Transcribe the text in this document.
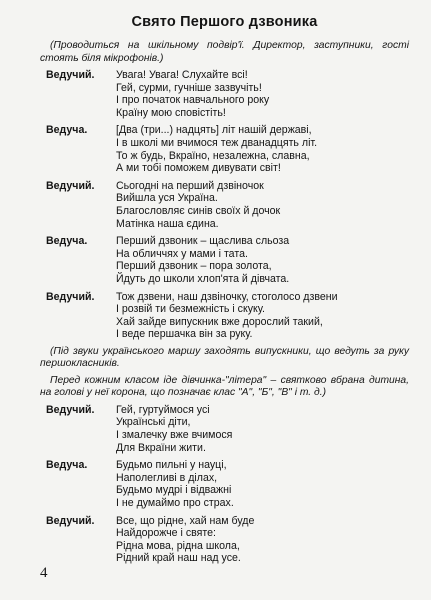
Свято Першого дзвоника
(Проводиться на шкільному подвір'ї. Директор, заступники, гості стоять біля мікрофонів.)
Ведучий.	Увага! Увага! Слухайте всі!
Гей, сурми, гучніше зазвучіть!
І про початок навчального року
Країну мою сповістіть!
Ведуча.	[Два (три...) надцять] літ нашій державі,
І в школі ми вчимося теж дванадцять літ.
То ж будь, Вкраїно, незалежна, славна,
А ми тобі поможем дивувати світ!
Ведучий.	Сьогодні на перший дзвіночок
Вийшла уся Україна.
Благословляє синів своїх й дочок
Матінка наша єдина.
Ведуча.	Перший дзвоник – щаслива сльоза
На обличчях у мами і тата.
Перший дзвоник – пора золота,
Йдуть до школи хлоп'ята й дівчата.
Ведучий.	Тож дзвени, наш дзвіночку, стоголосо дзвени
І розвій ти безмежність і скуку.
Хай зайде випускник вже дорослий такий,
І веде першачка він за руку.
(Під звуки українського маршу заходять випускники, що ведуть за руку першокласників.
Перед кожним класом іде дівчинка-"літера" – святково вбрана дитина, на голові у неї корона, що позначає клас "А", "Б", "В" і т. д.)
Ведучий.	Гей, гуртуймося усі
Українські діти,
І змалечку вже вчимося
Для Вкраїни жити.
Ведуча.	Будьмо пильні у науці,
Наполегливі в ділах,
Будьмо мудрі і відважні
І не думаймо про страх.
Ведучий.	Все, що рідне, хай нам буде
Найдорожче і святе:
Рідна мова, рідна школа,
Рідний край наш над усе.
4
